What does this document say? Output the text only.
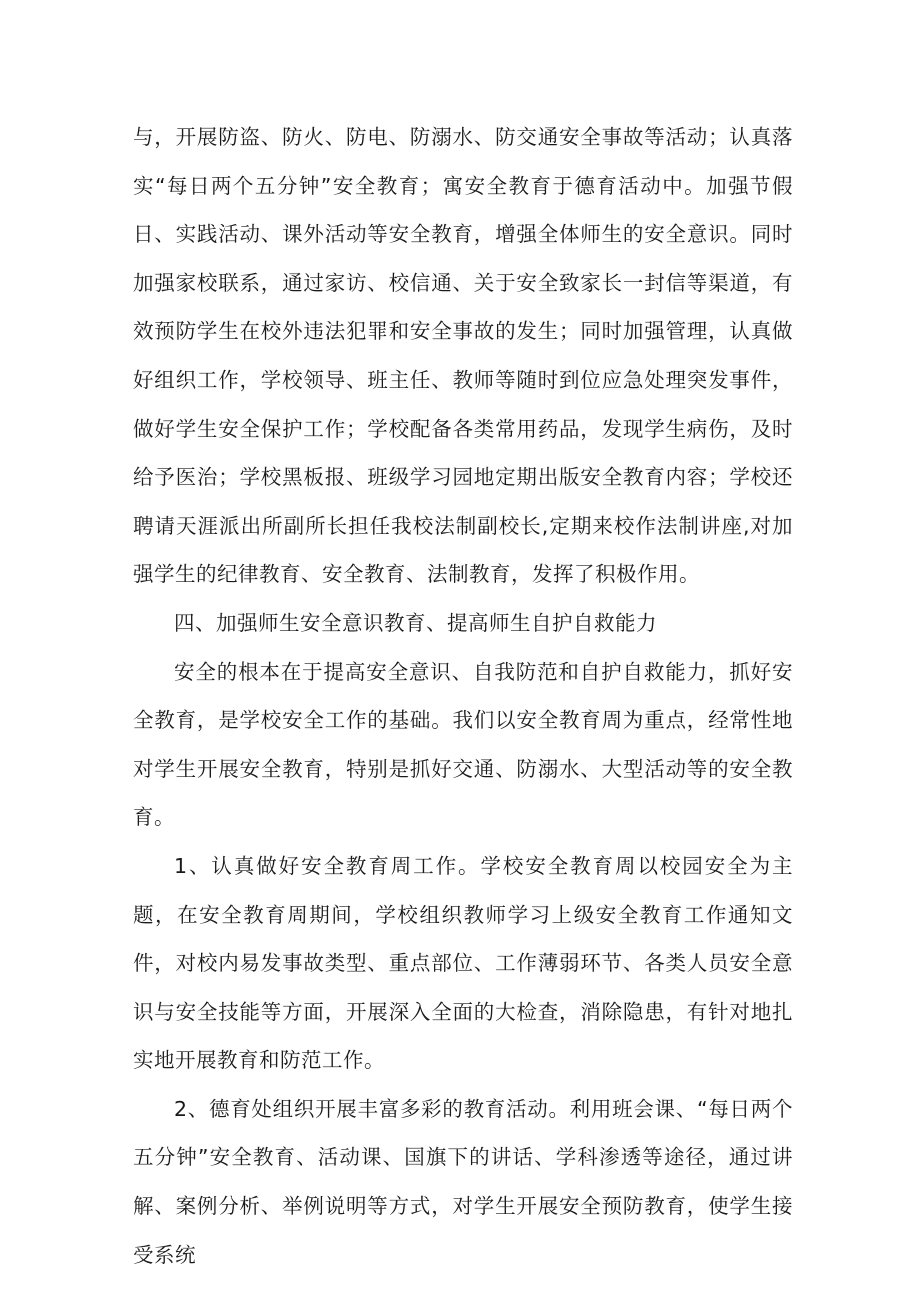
与，开展防盗、防火、防电、防溺水、防交通安全事故等活动；认真落实“每日两个五分钟”安全教育；寓安全教育于德育活动中。加强节假日、实践活动、课外活动等安全教育，增强全体师生的安全意识。同时加强家校联系，通过家访、校信通、关于安全致家长一封信等渠道，有效预防学生在校外违法犯罪和安全事故的发生；同时加强管理，认真做好组织工作，学校领导、班主任、教师等随时到位应急处理突发事件，做好学生安全保护工作；学校配备各类常用药品，发现学生病伤，及时给予医治；学校黑板报、班级学习园地定期出版安全教育内容；学校还聘请天涯派出所副所长担任我校法制副校长,定期来校作法制讲座,对加强学生的纪律教育、安全教育、法制教育，发挥了积极作用。

四、加强师生安全意识教育、提高师生自护自救能力

安全的根本在于提高安全意识、自我防范和自护自救能力，抓好安全教育，是学校安全工作的基础。我们以安全教育周为重点，经常性地对学生开展安全教育，特别是抓好交通、防溺水、大型活动等的安全教育。

1、认真做好安全教育周工作。学校安全教育周以校园安全为主题，在安全教育周期间，学校组织教师学习上级安全教育工作通知文件，对校内易发事故类型、重点部位、工作薄弱环节、各类人员安全意识与安全技能等方面，开展深入全面的大检查，消除隐患，有针对地扎实地开展教育和防范工作。

2、德育处组织开展丰富多彩的教育活动。利用班会课、“每日两个五分钟”安全教育、活动课、国旗下的讲话、学科渗透等途径，通过讲解、案例分析、举例说明等方式，对学生开展安全预防教育，使学生接受系统
